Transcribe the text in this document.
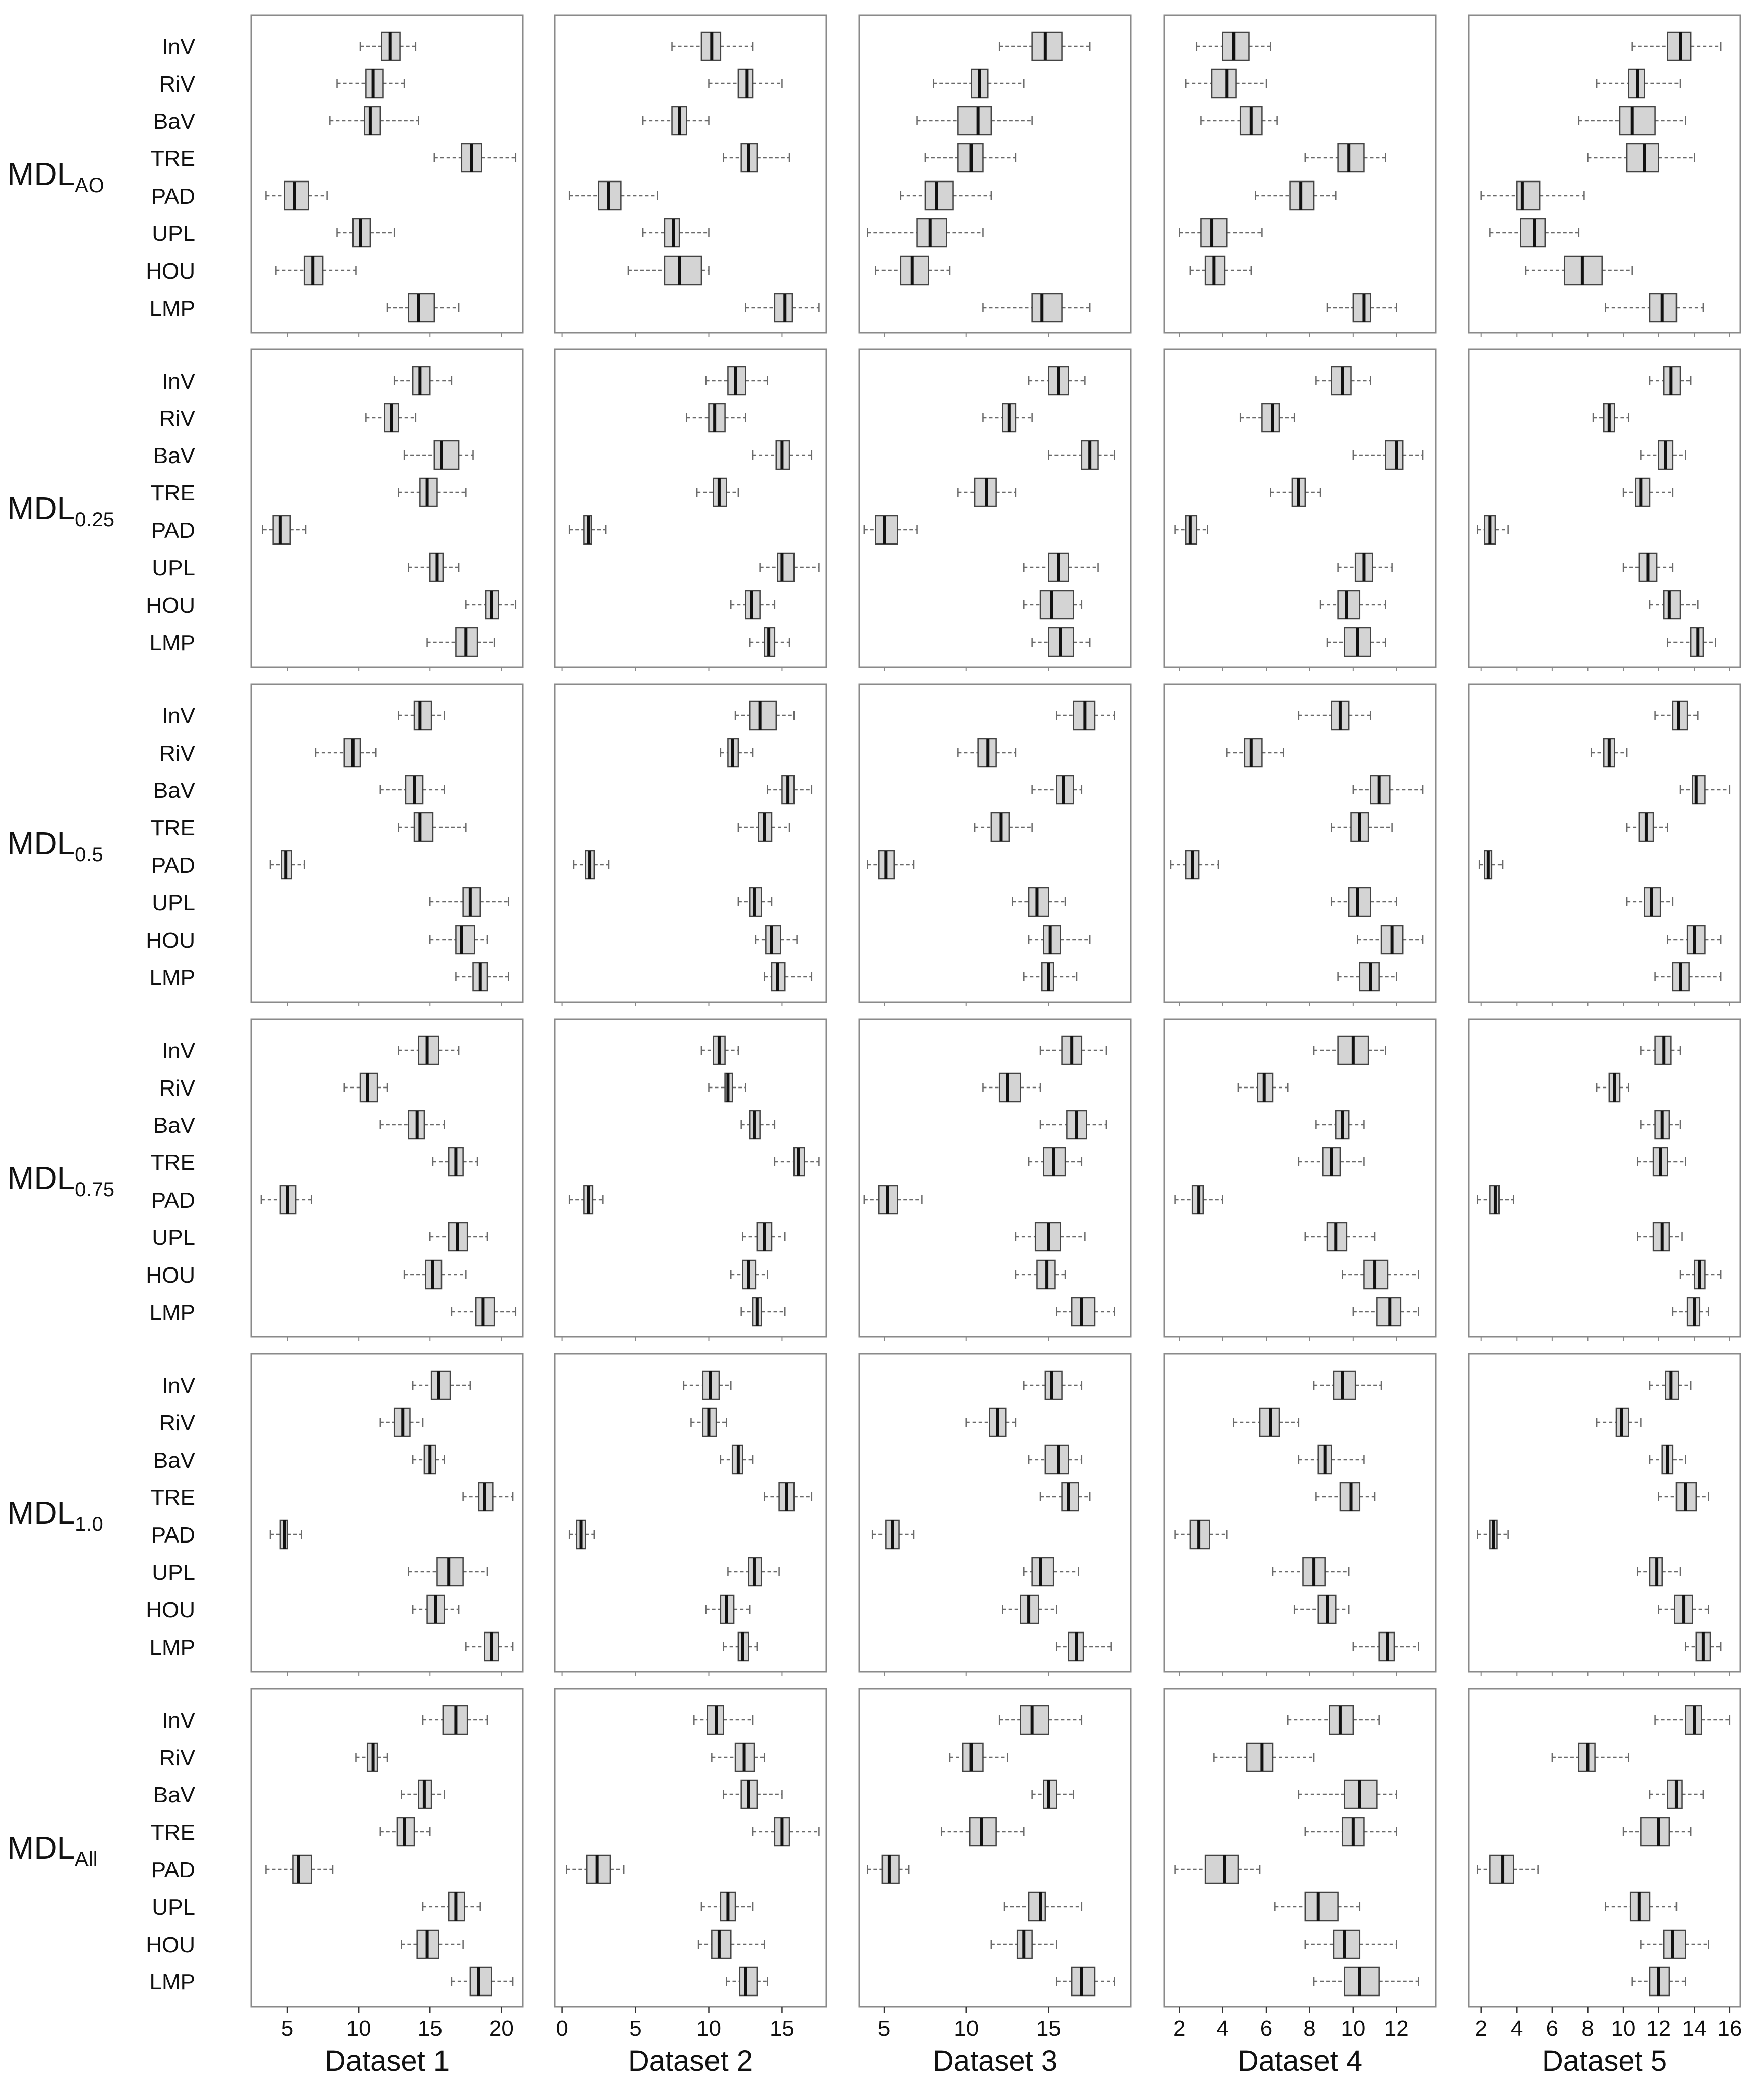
$MDL_{AO}$
InV
RiV
BaV
TRE
PAD
UPL
HOU
LMP
$MDL_{0.25}$
InV
RiV
BaV
TRE
PAD
UPL
HOU
LMP
$MDL_{0.5}$
InV
RiV
BaV
TRE
PAD
UPL
HOU
LMP
$MDL_{0.75}$
InV
RiV
BaV
TRE
PAD
UPL
HOU
LMP
$MDL_{1.0}$
InV
RiV
BaV
TRE
PAD
UPL
HOU
LMP
$MDL_{All}$
InV
RiV
BaV
TRE
PAD
UPL
HOU
LMP
5 10 15 20
Dataset 1
0	5 10 15
Dataset 2
5	10	15
Dataset 3
2 4 6 8 10 12
Dataset 4
2 4 6 8 10 12 14 16
Dataset 5
